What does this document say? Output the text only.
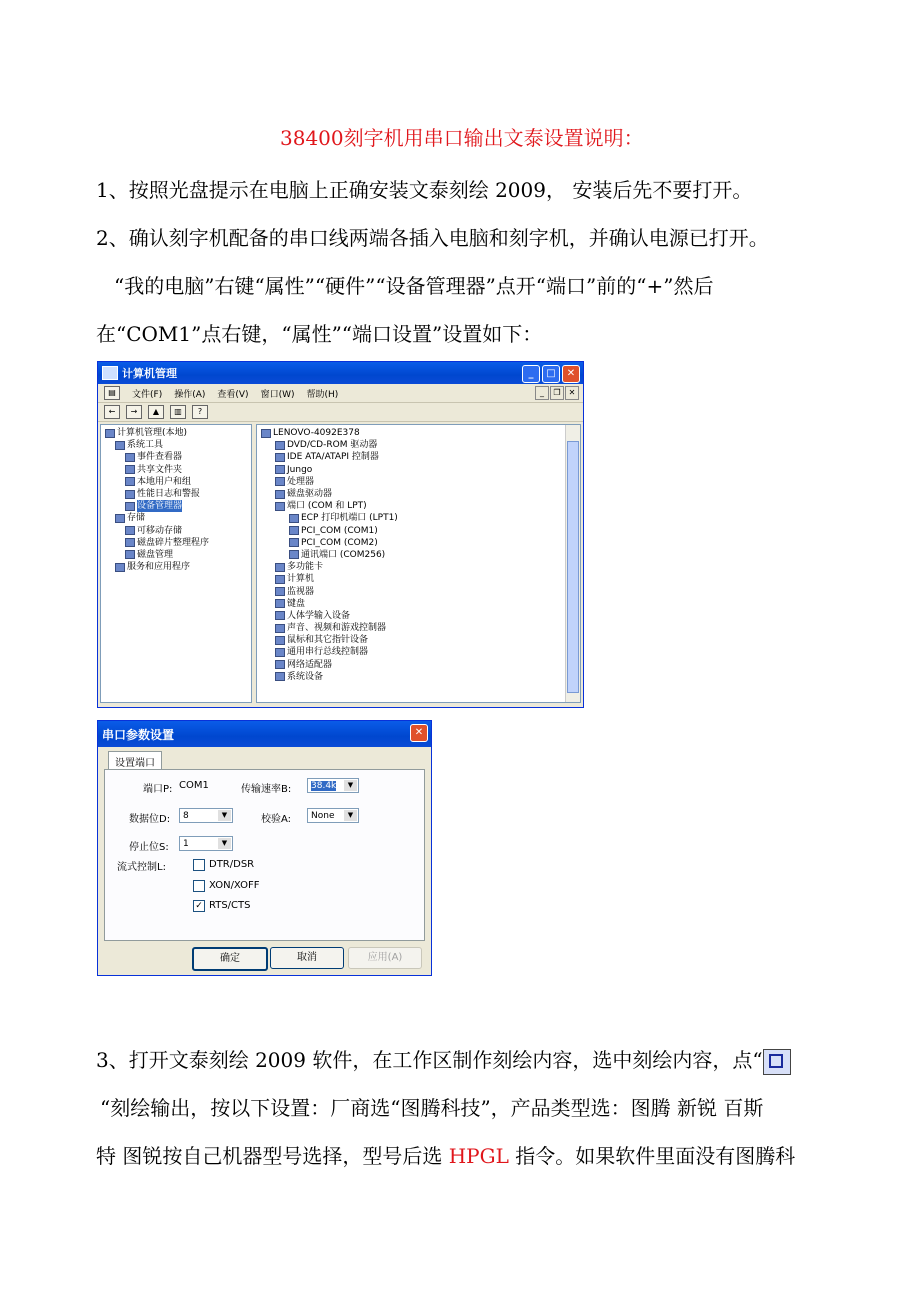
38400刻字机用串口输出文泰设置说明：
1、按照光盘提示在电脑上正确安装文泰刻绘 2009， 安装后先不要打开。
2、确认刻字机配备的串口线两端各插入电脑和刻字机，并确认电源已打开。
“我的电脑”右键“属性”“硬件”“设备管理器”点开“端口”前的“+”然后
在“COM1”点右键，“属性”“端口设置”设置如下：
计算机管理	_	□	✕
▤	文件(F) 操作(A) 查看(V) 窗口(W) 帮助(H)	_	❐	✕
←	→	▲	▥	?
计算机管理(本地)
系统工具
事件查看器
共享文件夹
本地用户和组
性能日志和警报
设备管理器
存储
可移动存储
磁盘碎片整理程序
磁盘管理
服务和应用程序
LENOVO-4092E378
DVD/CD-ROM 驱动器
IDE ATA/ATAPI 控制器
Jungo
处理器
磁盘驱动器
端口 (COM 和 LPT)
ECP 打印机端口 (LPT1)
PCI_COM (COM1)
PCI_COM (COM2)
通讯端口 (COM256)
多功能卡
计算机
监视器
键盘
人体学输入设备
声音、视频和游戏控制器
鼠标和其它指针设备
通用串行总线控制器
网络适配器
系统设备
串口参数设置	✕
设置端口
端口P: COM1	传输速率B:	38.4k	▼
数据位D:	8	▼	校验A:	None	▼
停止位S:	1	▼
流式控制L:	DTR/DSR
XON/XOFF
✓ RTS/CTS
确定	取消	应用(A)
3、打开文泰刻绘 2009 软件，在工作区制作刻绘内容，选中刻绘内容，点“
“刻绘输出，按以下设置：厂商选“图腾科技”，产品类型选：图腾 新锐 百斯
特 图锐按自己机器型号选择，型号后选 HPGL 指令。如果软件里面没有图腾科
